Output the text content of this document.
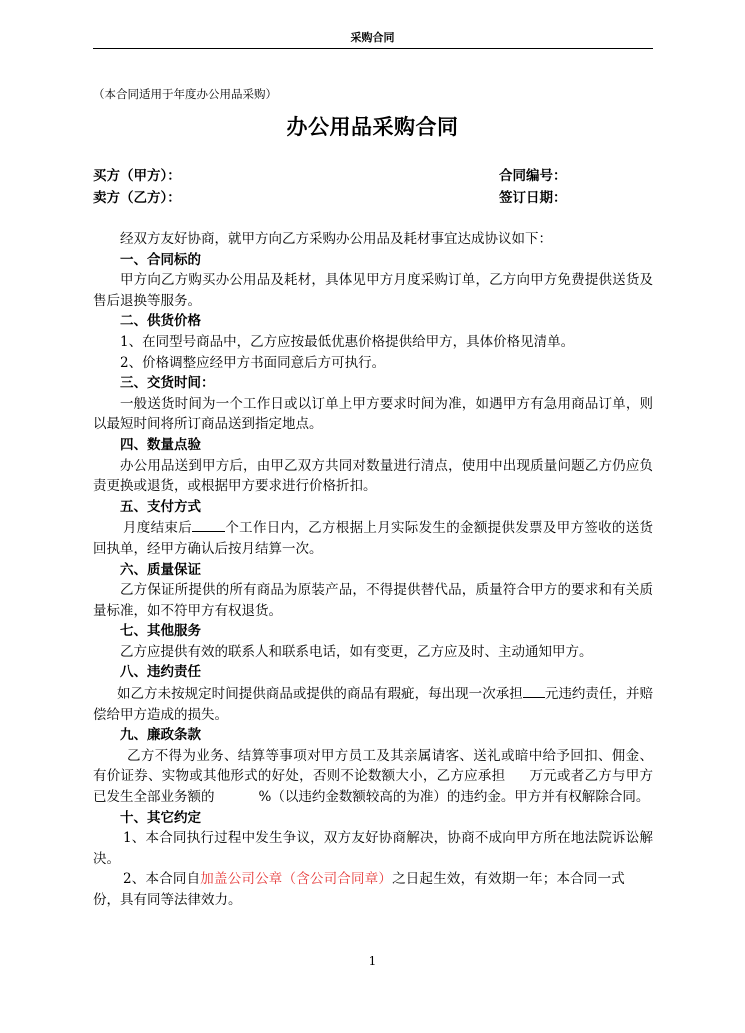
采购合同
（本合同适用于年度办公用品采购）
办公用品采购合同
买方（甲方）：
卖方（乙方）：
合同编号：
签订日期：

经双方友好协商，就甲方向乙方采购办公用品及耗材事宜达成协议如下：

一、合同标的

甲方向乙方购买办公用品及耗材，具体见甲方月度采购订单，乙方向甲方免费提供送货及售后退换等服务。

二、供货价格

1、在同型号商品中，乙方应按最低优惠价格提供给甲方，具体价格见清单。

2、价格调整应经甲方书面同意后方可执行。

三、交货时间：

一般送货时间为一个工作日或以订单上甲方要求时间为准，如遇甲方有急用商品订单，则以最短时间将所订商品送到指定地点。

四、数量点验

办公用品送到甲方后，由甲乙双方共同对数量进行清点，使用中出现质量问题乙方仍应负责更换或退货，或根据甲方要求进行价格折扣。

五、支付方式

月度结束后 个工作日内，乙方根据上月实际发生的金额提供发票及甲方签收的送货回执单，经甲方确认后按月结算一次。

六、质量保证

乙方保证所提供的所有商品为原装产品，不得提供替代品，质量符合甲方的要求和有关质量标准，如不符甲方有权退货。

七、其他服务

乙方应提供有效的联系人和联系电话，如有变更，乙方应及时、主动通知甲方。

八、违约责任

如乙方未按规定时间提供商品或提供的商品有瑕疵，每出现一次承担 元违约责任，并赔偿给甲方造成的损失。

九、廉政条款

乙方不得为业务、结算等事项对甲方员工及其亲属请客、送礼或暗中给予回扣、佣金、有价证券、实物或其他形式的好处，否则不论数额大小，乙方应承担 万元或者乙方与甲方已发生全部业务额的	%（以违约金数额较高的为准）的违约金。甲方并有权解除合同。

十、其它约定

1、本合同执行过程中发生争议，双方友好协商解决，协商不成向甲方所在地法院诉讼解决。

2、本合同自加盖公司公章（含公司合同章）之日起生效，有效期一年；本合同一式份，具有同等法律效力。

1
